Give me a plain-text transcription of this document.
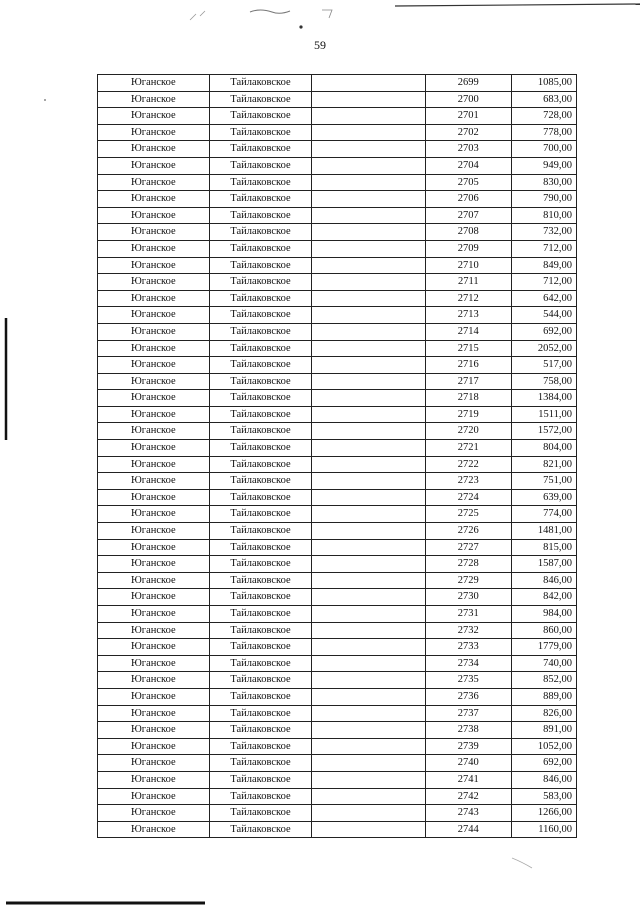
59
Юганское	Тайлаковское		2699	1085,00
Юганское	Тайлаковское		2700	683,00
Юганское	Тайлаковское		2701	728,00
Юганское	Тайлаковское		2702	778,00
Юганское	Тайлаковское		2703	700,00
Юганское	Тайлаковское		2704	949,00
Юганское	Тайлаковское		2705	830,00
Юганское	Тайлаковское		2706	790,00
Юганское	Тайлаковское		2707	810,00
Юганское	Тайлаковское		2708	732,00
Юганское	Тайлаковское		2709	712,00
Юганское	Тайлаковское		2710	849,00
Юганское	Тайлаковское		2711	712,00
Юганское	Тайлаковское		2712	642,00
Юганское	Тайлаковское		2713	544,00
Юганское	Тайлаковское		2714	692,00
Юганское	Тайлаковское		2715	2052,00
Юганское	Тайлаковское		2716	517,00
Юганское	Тайлаковское		2717	758,00
Юганское	Тайлаковское		2718	1384,00
Юганское	Тайлаковское		2719	1511,00
Юганское	Тайлаковское		2720	1572,00
Юганское	Тайлаковское		2721	804,00
Юганское	Тайлаковское		2722	821,00
Юганское	Тайлаковское		2723	751,00
Юганское	Тайлаковское		2724	639,00
Юганское	Тайлаковское		2725	774,00
Юганское	Тайлаковское		2726	1481,00
Юганское	Тайлаковское		2727	815,00
Юганское	Тайлаковское		2728	1587,00
Юганское	Тайлаковское		2729	846,00
Юганское	Тайлаковское		2730	842,00
Юганское	Тайлаковское		2731	984,00
Юганское	Тайлаковское		2732	860,00
Юганское	Тайлаковское		2733	1779,00
Юганское	Тайлаковское		2734	740,00
Юганское	Тайлаковское		2735	852,00
Юганское	Тайлаковское		2736	889,00
Юганское	Тайлаковское		2737	826,00
Юганское	Тайлаковское		2738	891,00
Юганское	Тайлаковское		2739	1052,00
Юганское	Тайлаковское		2740	692,00
Юганское	Тайлаковское		2741	846,00
Юганское	Тайлаковское		2742	583,00
Юганское	Тайлаковское		2743	1266,00
Юганское	Тайлаковское		2744	1160,00
